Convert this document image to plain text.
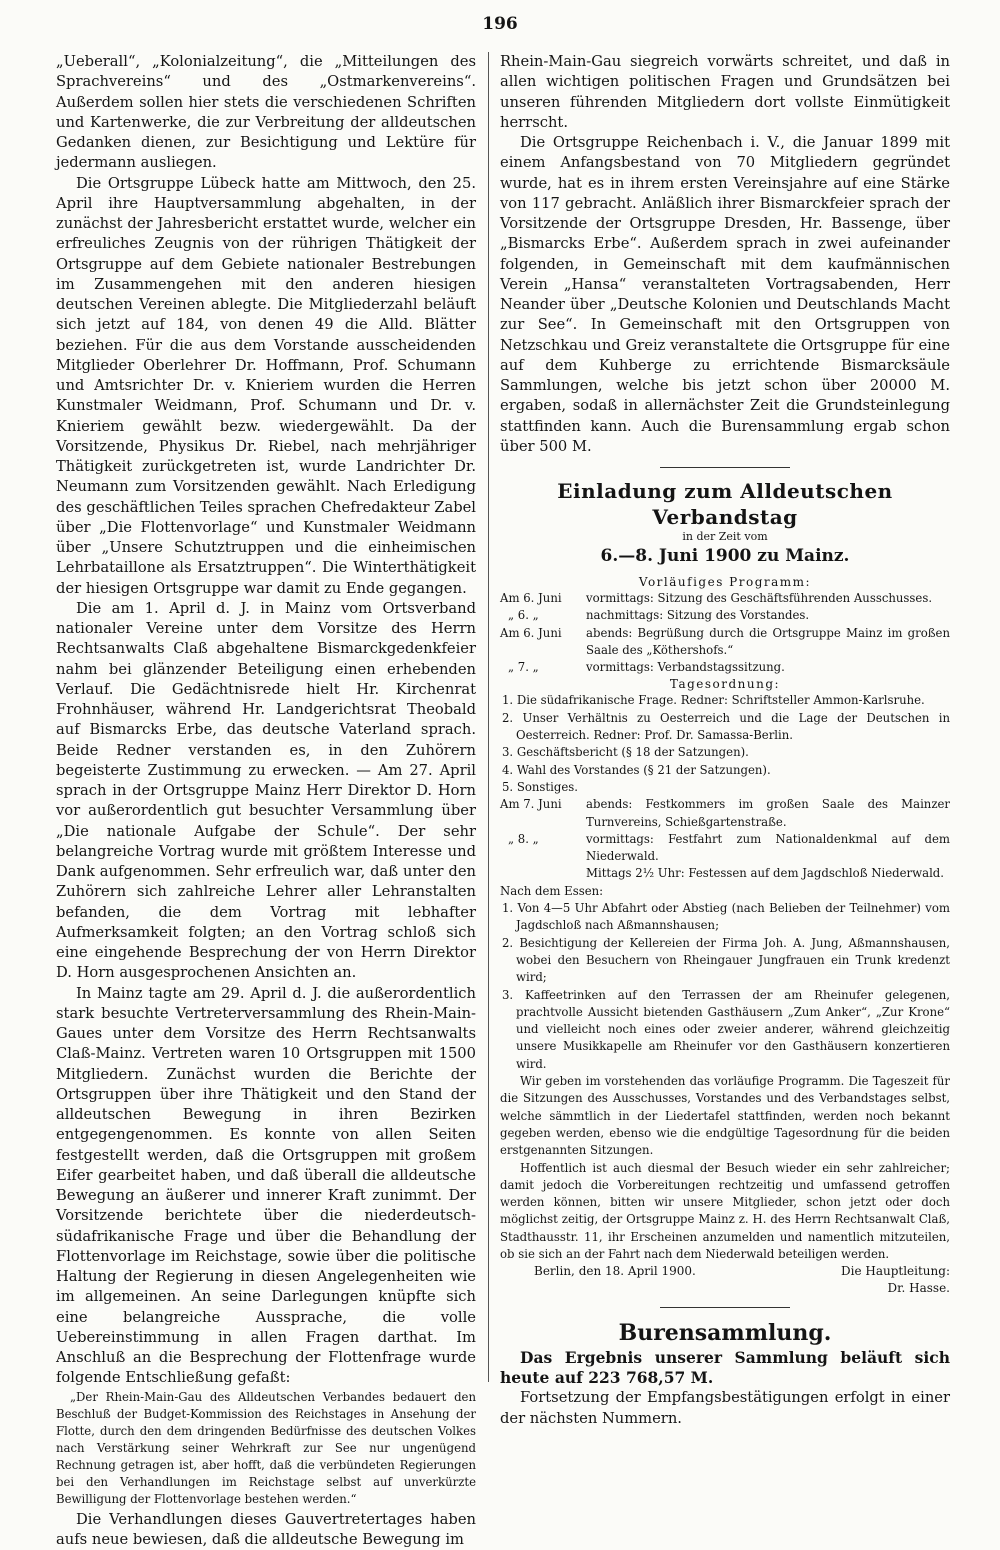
196

„Ueberall“, „Kolonialzeitung“, die „Mitteilungen des Sprachvereins“ und des „Ostmarkenvereins“. Außerdem sollen hier stets die verschiedenen Schriften und Kartenwerke, die zur Verbreitung der alldeutschen Gedanken dienen, zur Besichtigung und Lektüre für jedermann ausliegen.

Die Ortsgruppe Lübeck hatte am Mittwoch, den 25. April ihre Hauptversammlung abgehalten, in der zunächst der Jahresbericht erstattet wurde, welcher ein erfreuliches Zeugnis von der rührigen Thätigkeit der Ortsgruppe auf dem Gebiete nationaler Bestrebungen im Zusammengehen mit den anderen hiesigen deutschen Vereinen ablegte. Die Mitgliederzahl beläuft sich jetzt auf 184, von denen 49 die Alld. Blätter beziehen. Für die aus dem Vorstande ausscheidenden Mitglieder Oberlehrer Dr. Hoffmann, Prof. Schumann und Amtsrichter Dr. v. Knieriem wurden die Herren Kunstmaler Weidmann, Prof. Schumann und Dr. v. Knieriem gewählt bezw. wiedergewählt. Da der Vorsitzende, Physikus Dr. Riebel, nach mehrjähriger Thätigkeit zurückgetreten ist, wurde Landrichter Dr. Neumann zum Vorsitzenden gewählt. Nach Erledigung des geschäftlichen Teiles sprachen Chefredakteur Zabel über „Die Flottenvorlage“ und Kunstmaler Weidmann über „Unsere Schutztruppen und die einheimischen Lehrbataillone als Ersatztruppen“. Die Winterthätigkeit der hiesigen Ortsgruppe war damit zu Ende gegangen.

Die am 1. April d. J. in Mainz vom Ortsverband nationaler Vereine unter dem Vorsitze des Herrn Rechtsanwalts Claß abgehaltene Bismarckgedenkfeier nahm bei glänzender Beteiligung einen erhebenden Verlauf. Die Gedächtnisrede hielt Hr. Kirchenrat Frohnhäuser, während Hr. Landgerichtsrat Theobald auf Bismarcks Erbe, das deutsche Vaterland sprach. Beide Redner verstanden es, in den Zuhörern begeisterte Zustimmung zu erwecken. — Am 27. April sprach in der Ortsgruppe Mainz Herr Direktor D. Horn vor außerordentlich gut besuchter Versammlung über „Die nationale Aufgabe der Schule“. Der sehr belangreiche Vortrag wurde mit größtem Interesse und Dank aufgenommen. Sehr erfreulich war, daß unter den Zuhörern sich zahlreiche Lehrer aller Lehranstalten befanden, die dem Vortrag mit lebhafter Aufmerksamkeit folgten; an den Vortrag schloß sich eine eingehende Besprechung der von Herrn Direktor D. Horn ausgesprochenen Ansichten an.

In Mainz tagte am 29. April d. J. die außerordentlich stark besuchte Vertreterversammlung des Rhein-Main-Gaues unter dem Vorsitze des Herrn Rechtsanwalts Claß-Mainz. Vertreten waren 10 Ortsgruppen mit 1500 Mitgliedern. Zunächst wurden die Berichte der Ortsgruppen über ihre Thätigkeit und den Stand der alldeutschen Bewegung in ihren Bezirken entgegengenommen. Es konnte von allen Seiten festgestellt werden, daß die Ortsgruppen mit großem Eifer gearbeitet haben, und daß überall die alldeutsche Bewegung an äußerer und innerer Kraft zunimmt. Der Vorsitzende berichtete über die niederdeutsch-südafrikanische Frage und über die Behandlung der Flottenvorlage im Reichstage, sowie über die politische Haltung der Regierung in diesen Angelegenheiten wie im allgemeinen. An seine Darlegungen knüpfte sich eine belangreiche Aussprache, die volle Uebereinstimmung in allen Fragen darthat. Im Anschluß an die Besprechung der Flottenfrage wurde folgende Entschließung gefaßt:

„Der Rhein-Main-Gau des Alldeutschen Verbandes bedauert den Beschluß der Budget-Kommission des Reichstages in Ansehung der Flotte, durch den dem dringenden Bedürfnisse des deutschen Volkes nach Verstärkung seiner Wehrkraft zur See nur ungenügend Rechnung getragen ist, aber hofft, daß die verbündeten Regierungen bei den Verhandlungen im Reichstage selbst auf unverkürzte Bewilligung der Flottenvorlage bestehen werden.“

Die Verhandlungen dieses Gauvertretertages haben aufs neue bewiesen, daß die alldeutsche Bewegung im

Rhein-Main-Gau siegreich vorwärts schreitet, und daß in allen wichtigen politischen Fragen und Grundsätzen bei unseren führenden Mitgliedern dort vollste Einmütigkeit herrscht.

Die Ortsgruppe Reichenbach i. V., die Januar 1899 mit einem Anfangsbestand von 70 Mitgliedern gegründet wurde, hat es in ihrem ersten Vereinsjahre auf eine Stärke von 117 gebracht. Anläßlich ihrer Bismarckfeier sprach der Vorsitzende der Ortsgruppe Dresden, Hr. Bassenge, über „Bismarcks Erbe“. Außerdem sprach in zwei aufeinander folgenden, in Gemeinschaft mit dem kaufmännischen Verein „Hansa“ veranstalteten Vortragsabenden, Herr Neander über „Deutsche Kolonien und Deutschlands Macht zur See“. In Gemeinschaft mit den Ortsgruppen von Netzschkau und Greiz veranstaltete die Ortsgruppe für eine auf dem Kuhberge zu errichtende Bismarcksäule Sammlungen, welche bis jetzt schon über 20000 M. ergaben, sodaß in allernächster Zeit die Grundsteinlegung stattfinden kann. Auch die Burensammlung ergab schon über 500 M.

Einladung zum Alldeutschen Verbandstag
in der Zeit vom
6.—8. Juni 1900 zu Mainz.
Vorläufiges Programm:
Am 6. Juni	vormittags: Sitzung des Geschäftsführenden Ausschusses.
„ 6. „	nachmittags: Sitzung des Vorstandes.
Am 6. Juni	abends: Begrüßung durch die Ortsgruppe Mainz im großen Saale des „Köthershofs.“
„ 7. „	vormittags: Verbandstagssitzung.
Tagesordnung:
1. Die südafrikanische Frage. Redner: Schriftsteller Ammon-Karlsruhe.
2. Unser Verhältnis zu Oesterreich und die Lage der Deutschen in Oesterreich. Redner: Prof. Dr. Samassa-Berlin.
3. Geschäftsbericht (§ 18 der Satzungen).
4. Wahl des Vorstandes (§ 21 der Satzungen).
5. Sonstiges.
Am 7. Juni	abends: Festkommers im großen Saale des Mainzer Turnvereins, Schießgartenstraße.
„ 8. „	vormittags: Festfahrt zum Nationaldenkmal auf dem Niederwald.
Mittags 2½ Uhr: Festessen auf dem Jagdschloß Niederwald.
Nach dem Essen:
1. Von 4—5 Uhr Abfahrt oder Abstieg (nach Belieben der Teilnehmer) vom Jagdschloß nach Aßmannshausen;
2. Besichtigung der Kellereien der Firma Joh. A. Jung, Aßmannshausen, wobei den Besuchern von Rheingauer Jungfrauen ein Trunk kredenzt wird;
3. Kaffeetrinken auf den Terrassen der am Rheinufer gelegenen, prachtvolle Aussicht bietenden Gasthäusern „Zum Anker“, „Zur Krone“ und vielleicht noch eines oder zweier anderer, während gleichzeitig unsere Musikkapelle am Rheinufer vor den Gasthäusern konzertieren wird.

Wir geben im vorstehenden das vorläufige Programm. Die Tageszeit für die Sitzungen des Ausschusses, Vorstandes und des Verbandstages selbst, welche sämmtlich in der Liedertafel stattfinden, werden noch bekannt gegeben werden, ebenso wie die endgültige Tagesordnung für die beiden erstgenannten Sitzungen.

Hoffentlich ist auch diesmal der Besuch wieder ein sehr zahlreicher; damit jedoch die Vorbereitungen rechtzeitig und umfassend getroffen werden können, bitten wir unsere Mitglieder, schon jetzt oder doch möglichst zeitig, der Ortsgruppe Mainz z. H. des Herrn Rechtsanwalt Claß, Stadthausstr. 11, ihr Erscheinen anzumelden und namentlich mitzuteilen, ob sie sich an der Fahrt nach dem Niederwald beteiligen werden.

Berlin, den 18. April 1900.	Die Hauptleitung:
Dr. Hasse.
Burensammlung.

Das Ergebnis unserer Sammlung beläuft sich heute auf 223 768,57 M.

Fortsetzung der Empfangsbestätigungen erfolgt in einer der nächsten Nummern.
